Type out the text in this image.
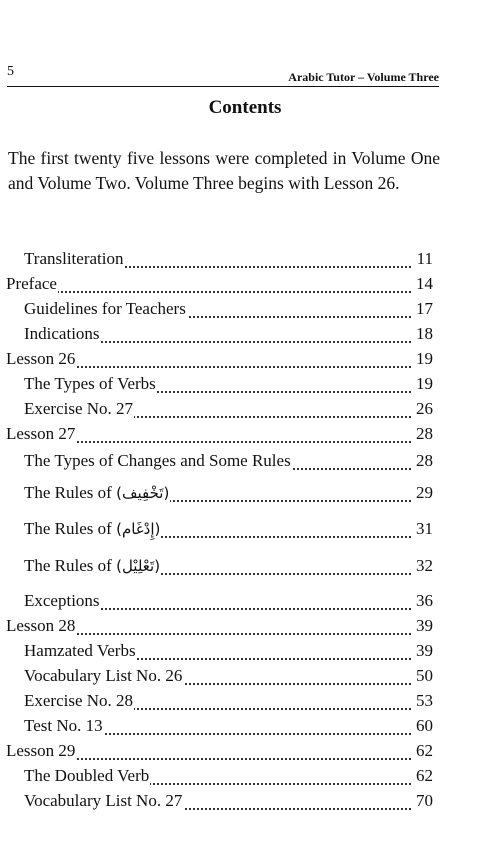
5	Arabic Tutor – Volume Three
Contents
The first twenty five lessons were completed in Volume One and Volume Two. Volume Three begins with Lesson 26.
Transliteration	11
Preface	14
Guidelines for Teachers	17
Indications	18
Lesson 26	19
The Types of Verbs	19
Exercise No. 27	26
Lesson 27	28
The Types of Changes and Some Rules	28
The Rules of (تَخْفِيف)	29
The Rules of (إِدْغَام)	31
The Rules of (تَعْلِيْل)	32
Exceptions	36
Lesson 28	39
Hamzated Verbs	39
Vocabulary List No. 26	50
Exercise No. 28	53
Test No. 13	60
Lesson 29	62
The Doubled Verb	62
Vocabulary List No. 27	70
